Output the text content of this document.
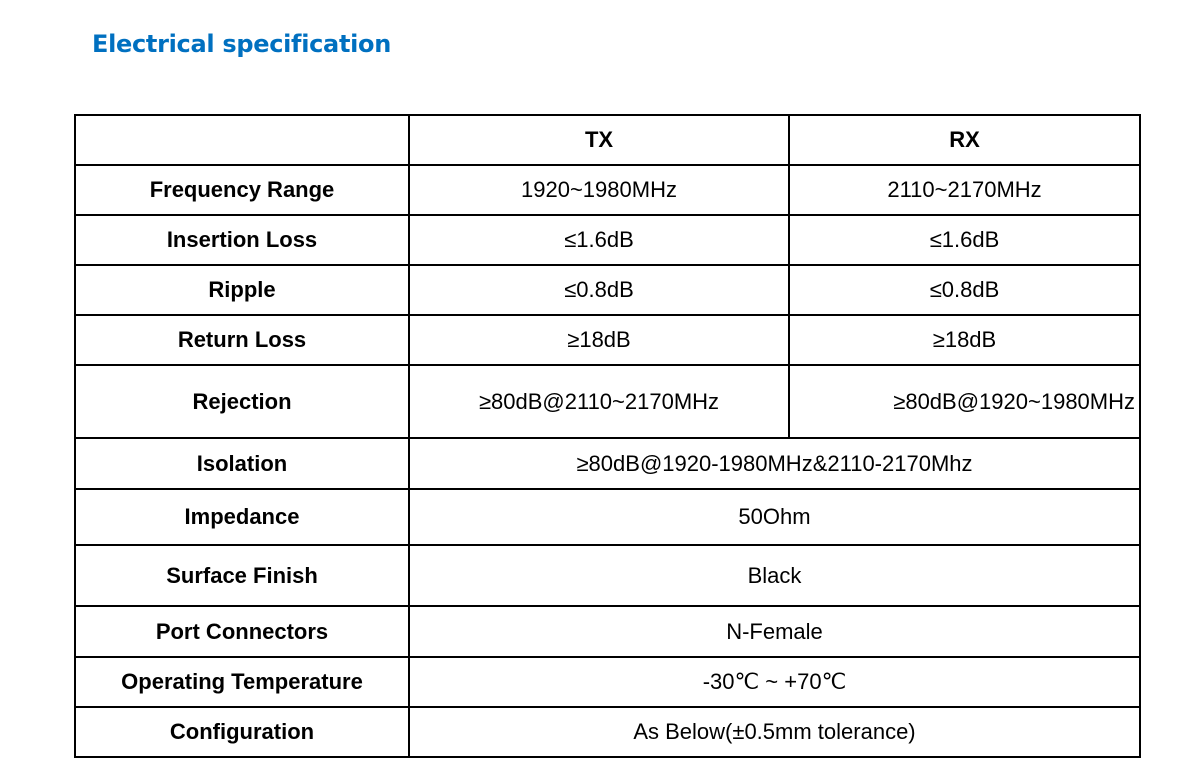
Electrical specification
	TX	RX
Frequency Range	1920~1980MHz	2110~2170MHz
Insertion Loss	≤1.6dB	≤1.6dB
Ripple	≤0.8dB	≤0.8dB
Return Loss	≥18dB	≥18dB
Rejection	≥80dB@2110~2170MHz	≥80dB@1920~1980MHz
Isolation	≥80dB@1920-1980MHz&2110-2170Mhz	
Impedance	50Ohm	
Surface Finish	Black	
Port Connectors	N-Female	
Operating Temperature	-30℃ ~ +70℃	
Configuration	As Below(±0.5mm tolerance)	
